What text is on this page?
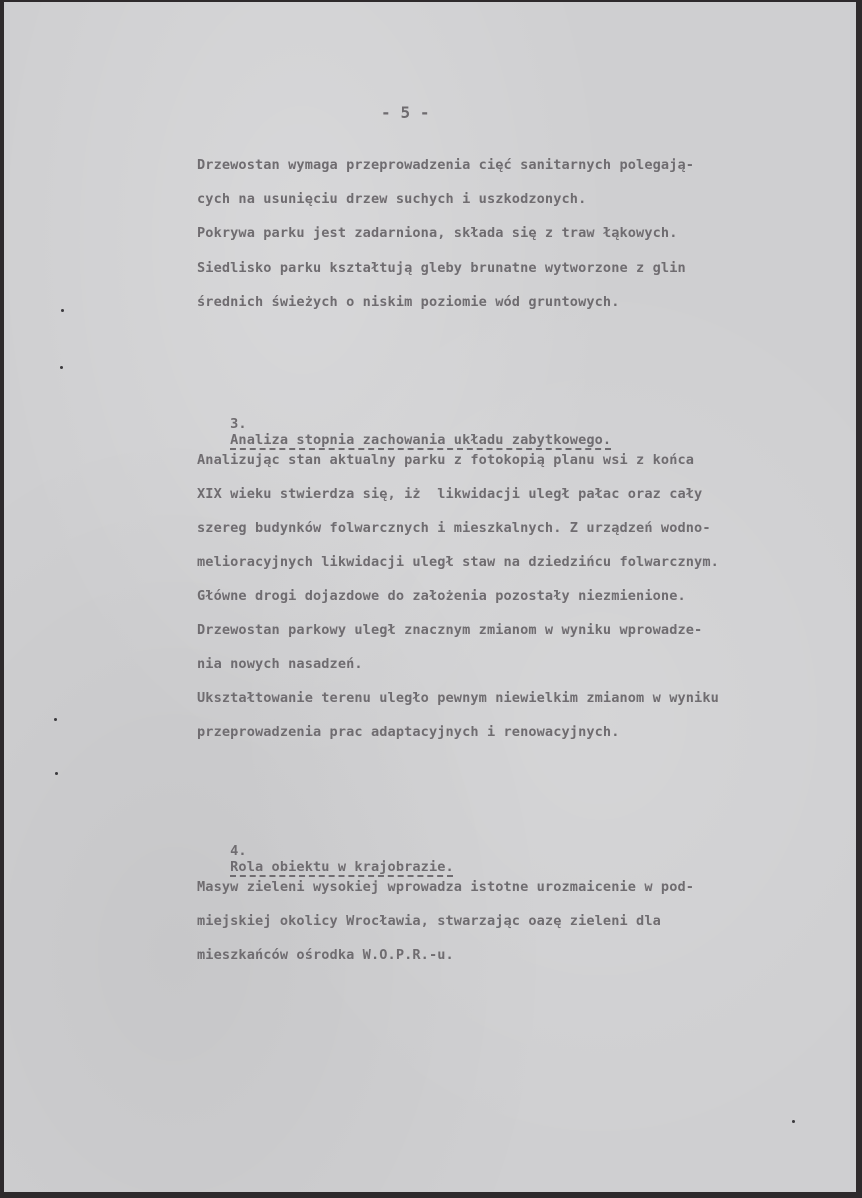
- 5 -
Drzewostan wymaga przeprowadzenia cięć sanitarnych polegają-
cych na usunięciu drzew suchych i uszkodzonych.
Pokrywa parku jest zadarniona, składa się z traw łąkowych.
Siedlisko parku kształtują gleby brunatne wytworzone z glin
średnich świeżych o niskim poziomie wód gruntowych.

3.
Analiza stopnia zachowania układu zabytkowego.

Analizując stan aktualny parku z fotokopią planu wsi z końca
XIX wieku stwierdza się, iż  likwidacji uległ pałac oraz cały
szereg budynków folwarcznych i mieszkalnych. Z urządzeń wodno-
melioracyjnych likwidacji uległ staw na dziedzińcu folwarcznym.
Główne drogi dojazdowe do założenia pozostały niezmienione.
Drzewostan parkowy uległ znacznym zmianom w wyniku wprowadze-
nia nowych nasadzeń.
Ukształtowanie terenu uległo pewnym niewielkim zmianom w wyniku
przeprowadzenia prac adaptacyjnych i renowacyjnych.

4.
Rola obiektu w krajobrazie.

Masyw zieleni wysokiej wprowadza istotne urozmaicenie w pod-
miejskiej okolicy Wrocławia, stwarzając oazę zieleni dla
mieszkańców ośrodka W.O.P.R.-u.
